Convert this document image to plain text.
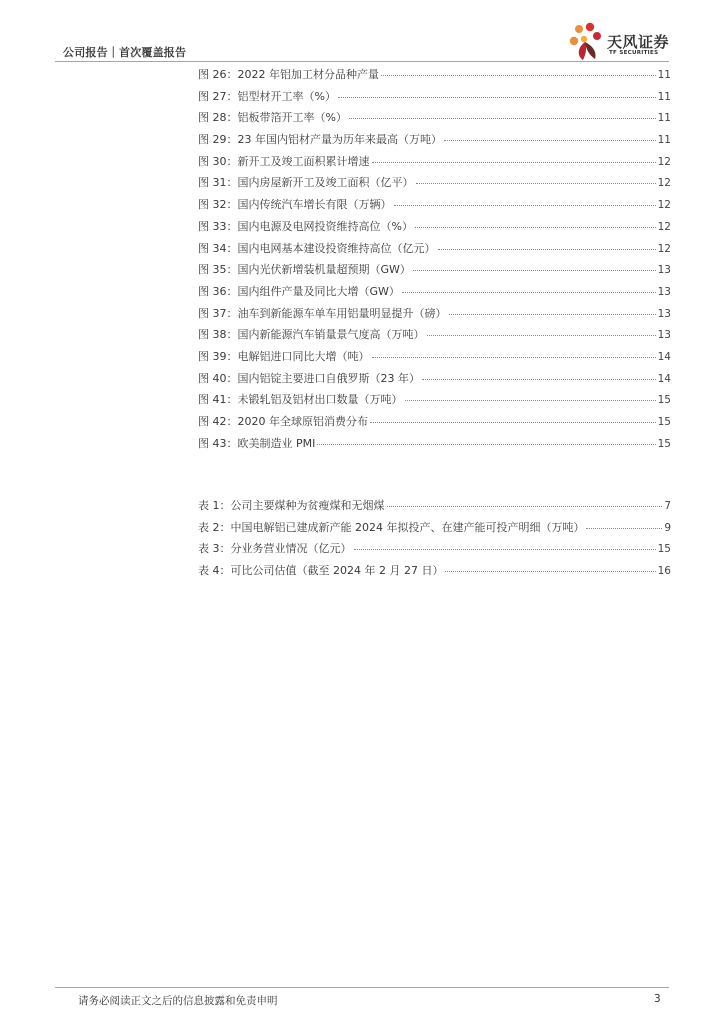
公司报告｜首次覆盖报告
天风证券
TF SECURITIES
图 26：2022 年铝加工材分品种产量	11
图 27：铝型材开工率（%）	11
图 28：铝板带箔开工率（%）	11
图 29：23 年国内铝材产量为历年来最高（万吨）	11
图 30：新开工及竣工面积累计增速	12
图 31：国内房屋新开工及竣工面积（亿平）	12
图 32：国内传统汽车增长有限（万辆）	12
图 33：国内电源及电网投资维持高位（%）	12
图 34：国内电网基本建设投资维持高位（亿元）	12
图 35：国内光伏新增装机量超预期（GW）	13
图 36：国内组件产量及同比大增（GW）	13
图 37：油车到新能源车单车用铝量明显提升（磅）	13
图 38：国内新能源汽车销量景气度高（万吨）	13
图 39：电解铝进口同比大增（吨）	14
图 40：国内铝锭主要进口自俄罗斯（23 年）	14
图 41：未锻轧铝及铝材出口数量（万吨）	15
图 42：2020 年全球原铝消费分布	15
图 43：欧美制造业 PMI	15
表 1：公司主要煤种为贫瘦煤和无烟煤	7
表 2：中国电解铝已建成新产能 2024 年拟投产、在建产能可投产明细（万吨）	9
表 3：分业务营业情况（亿元）	15
表 4：可比公司估值（截至 2024 年 2 月 27 日）	16
请务必阅读正文之后的信息披露和免责申明	3
